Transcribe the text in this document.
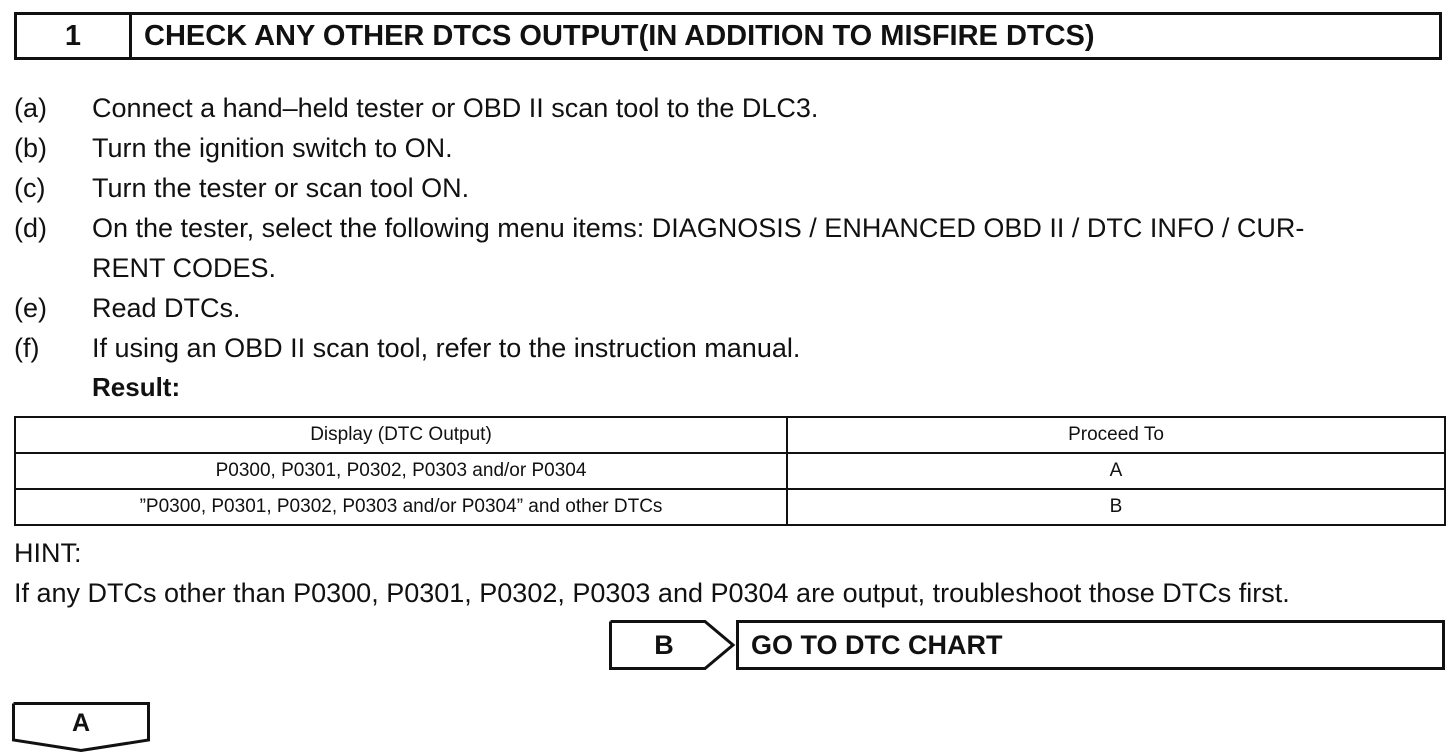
1	CHECK ANY OTHER DTCS OUTPUT(IN ADDITION TO MISFIRE DTCS)
(a)	Connect a hand–held tester or OBD II scan tool to the DLC3.
(b)	Turn the ignition switch to ON.
(c)	Turn the tester or scan tool ON.
(d)	On the tester, select the following menu items: DIAGNOSIS / ENHANCED OBD II / DTC INFO / CUR-
RENT CODES.
(e)	Read DTCs.
(f)	If using an OBD II scan tool, refer to the instruction manual.
Result:
Display (DTC Output)	Proceed To
P0300, P0301, P0302, P0303 and/or P0304	A
”P0300, P0301, P0302, P0303 and/or P0304” and other DTCs	B
HINT:
If any DTCs other than P0300, P0301, P0302, P0303 and P0304 are output, troubleshoot those DTCs first.
B	GO TO DTC CHART
A
